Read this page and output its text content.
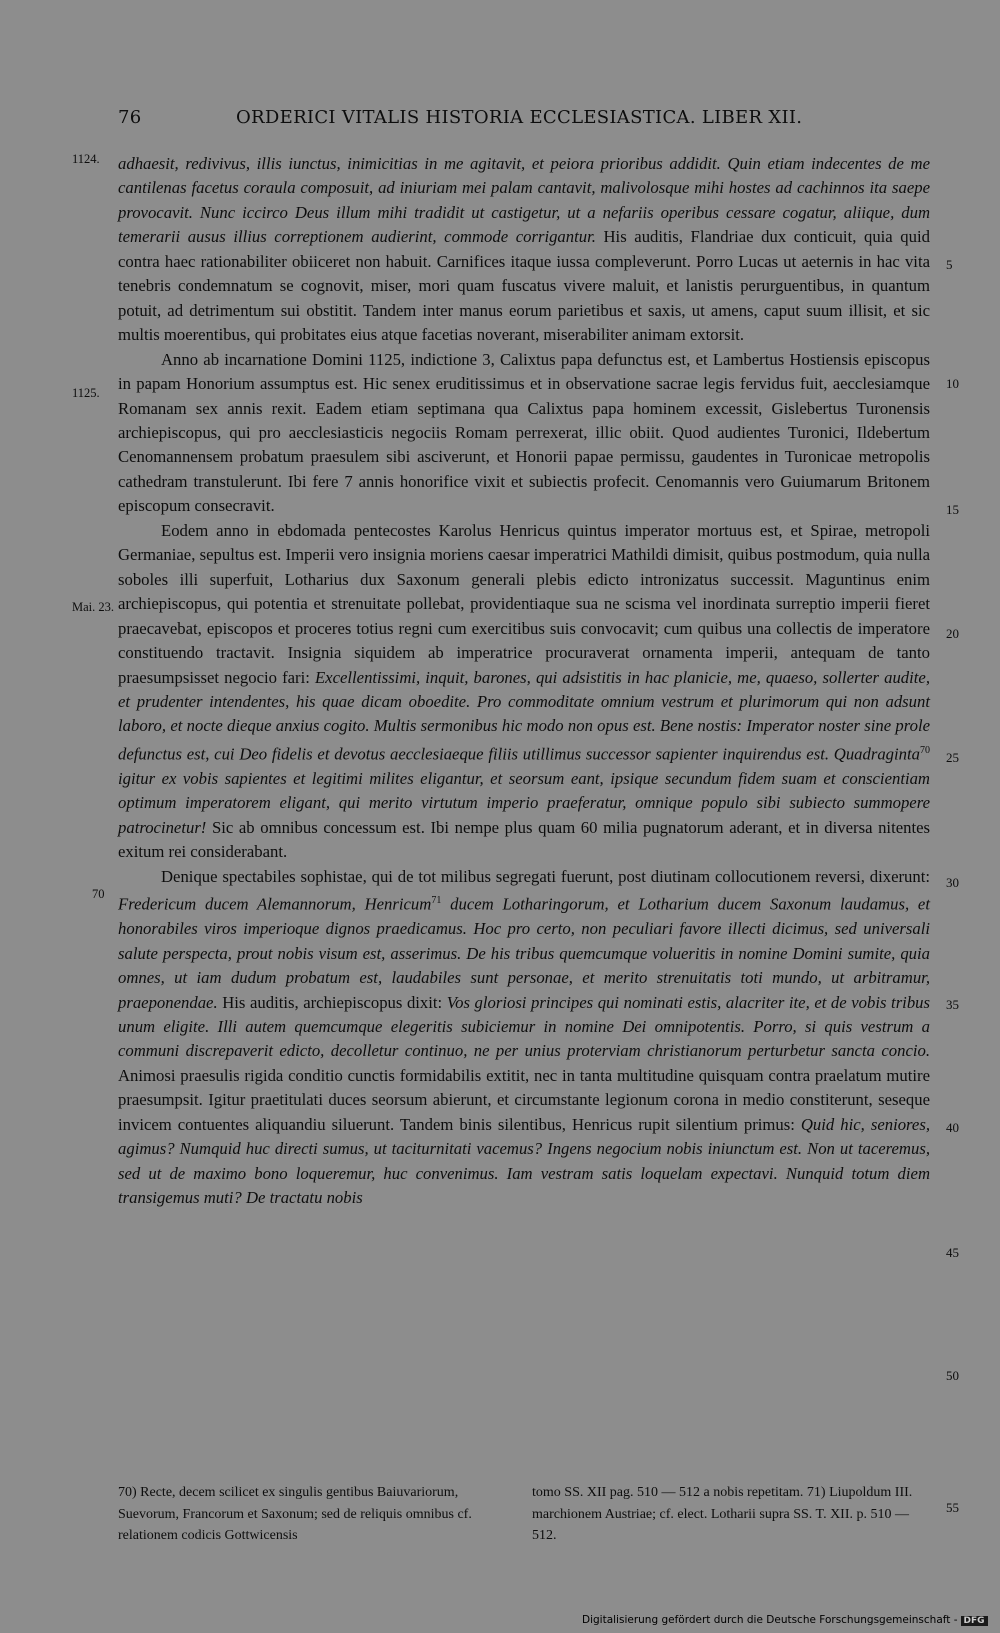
76	ORDERICI VITALIS HISTORIA ECCLESIASTICA. LIBER XII.
1124.
1125.
Mai. 23.
70
5
10
15
20
25
30
35
40
45
50
55

adhaesit, redivivus, illis iunctus, inimicitias in me agitavit, et peiora prioribus addidit. Quin etiam indecentes de me cantilenas facetus coraula composuit, ad iniuriam mei palam cantavit, malivolosque mihi hostes ad cachinnos ita saepe provocavit. Nunc iccirco Deus illum mihi tradidit ut castigetur, ut a nefariis operibus cessare cogatur, aliique, dum temerarii ausus illius correptionem audierint, commode corrigantur. His auditis, Flandriae dux conticuit, quia quid contra haec rationabiliter obiiceret non habuit. Carnifices itaque iussa compleverunt. Porro Lucas ut aeternis in hac vita tenebris condemnatum se cognovit, miser, mori quam fuscatus vivere maluit, et lanistis perurguentibus, in quantum potuit, ad detrimentum sui obstitit. Tandem inter manus eorum parietibus et saxis, ut amens, caput suum illisit, et sic multis moerentibus, qui probitates eius atque facetias noverant, miserabiliter animam extorsit.

Anno ab incarnatione Domini 1125, indictione 3, Calixtus papa defunctus est, et Lambertus Hostiensis episcopus in papam Honorium assumptus est. Hic senex eruditissimus et in observatione sacrae legis fervidus fuit, aecclesiamque Romanam sex annis rexit. Eadem etiam septimana qua Calixtus papa hominem excessit, Gislebertus Turonensis archiepiscopus, qui pro aecclesiasticis negociis Romam perrexerat, illic obiit. Quod audientes Turonici, Ildebertum Cenomannensem probatum praesulem sibi asciverunt, et Honorii papae permissu, gaudentes in Turonicae metropolis cathedram transtulerunt. Ibi fere 7 annis honorifice vixit et subiectis profecit. Cenomannis vero Guiumarum Britonem episcopum consecravit.

Eodem anno in ebdomada pentecostes Karolus Henricus quintus imperator mortuus est, et Spirae, metropoli Germaniae, sepultus est. Imperii vero insignia moriens caesar imperatrici Mathildi dimisit, quibus postmodum, quia nulla soboles illi superfuit, Lotharius dux Saxonum generali plebis edicto intronizatus successit. Maguntinus enim archiepiscopus, qui potentia et strenuitate pollebat, providentiaque sua ne scisma vel inordinata surreptio imperii fieret praecavebat, episcopos et proceres totius regni cum exercitibus suis convocavit; cum quibus una collectis de imperatore constituendo tractavit. Insignia siquidem ab imperatrice procuraverat ornamenta imperii, antequam de tanto praesumpsisset negocio fari: Excellentissimi, inquit, barones, qui adsistitis in hac planicie, me, quaeso, sollerter audite, et prudenter intendentes, his quae dicam oboedite. Pro commoditate omnium vestrum et plurimorum qui non adsunt laboro, et nocte dieque anxius cogito. Multis sermonibus hic modo non opus est. Bene nostis: Imperator noster sine prole defunctus est, cui Deo fidelis et devotus aecclesiaeque filiis utillimus successor sapienter inquirendus est. Quadraginta$^{70}$ igitur ex vobis sapientes et legitimi milites eligantur, et seorsum eant, ipsique secundum fidem suam et conscientiam optimum imperatorem eligant, qui merito virtutum imperio praeferatur, omnique populo sibi subiecto summopere patrocinetur! Sic ab omnibus concessum est. Ibi nempe plus quam 60 milia pugnatorum aderant, et in diversa nitentes exitum rei considerabant.

Denique spectabiles sophistae, qui de tot milibus segregati fuerunt, post diutinam collocutionem reversi, dixerunt: Fredericum ducem Alemannorum, Henricum$^{71}$ ducem Lotharingorum, et Lotharium ducem Saxonum laudamus, et honorabiles viros imperioque dignos praedicamus. Hoc pro certo, non peculiari favore illecti dicimus, sed universali salute perspecta, prout nobis visum est, asserimus. De his tribus quemcumque volueritis in nomine Domini sumite, quia omnes, ut iam dudum probatum est, laudabiles sunt personae, et merito strenuitatis toti mundo, ut arbitramur, praeponendae. His auditis, archiepiscopus dixit: Vos gloriosi principes qui nominati estis, alacriter ite, et de vobis tribus unum eligite. Illi autem quemcumque elegeritis subiciemur in nomine Dei omnipotentis. Porro, si quis vestrum a communi discrepaverit edicto, decolletur continuo, ne per unius proterviam christianorum perturbetur sancta concio. Animosi praesulis rigida conditio cunctis formidabilis extitit, nec in tanta multitudine quisquam contra praelatum mutire praesumpsit. Igitur praetitulati duces seorsum abierunt, et circumstante legionum corona in medio constiterunt, seseque invicem contuentes aliquandiu siluerunt. Tandem binis silentibus, Henricus rupit silentium primus: Quid hic, seniores, agimus? Numquid huc directi sumus, ut taciturnitati vacemus? Ingens negocium nobis iniunctum est. Non ut taceremus, sed ut de maximo bono loqueremur, huc convenimus. Iam vestram satis loquelam expectavi. Nunquid totum diem transigemus muti? De tractatu nobis

70) Recte, decem scilicet ex singulis gentibus Baiuvariorum, Suevorum, Francorum et Saxonum; sed de reliquis omnibus cf. relationem codicis Gottwicensis
tomo SS. XII pag. 510 — 512 a nobis repetitam. 71) Liupoldum III. marchionem Austriae; cf. elect. Lotharii supra SS. T. XII. p. 510 — 512.
Digitalisierung gefördert durch die Deutsche Forschungsgemeinschaft - DFG
